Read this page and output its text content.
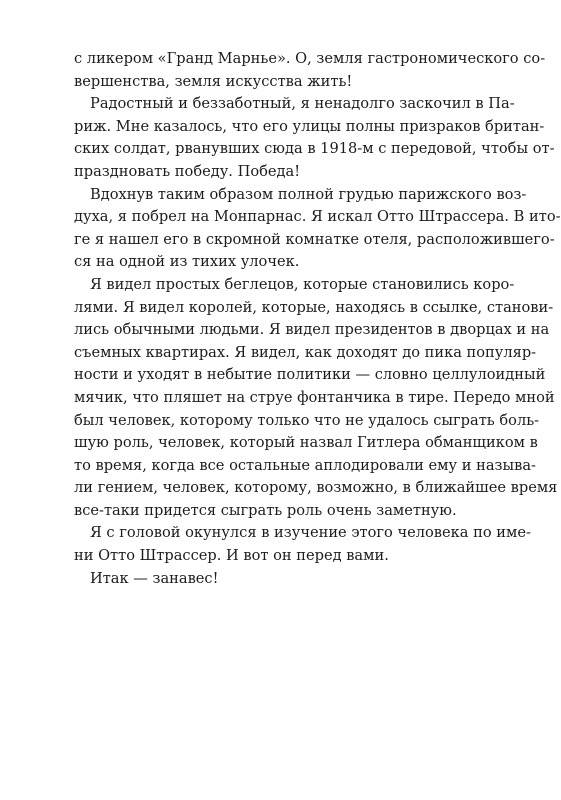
с ликером «Гранд Марнье». О, земля гастрономического со-
вершенства, земля искусства жить!
Радостный и беззаботный, я ненадолго заскочил в Па-
риж. Мне казалось, что его улицы полны призраков британ-
ских солдат, рванувших сюда в 1918-м с передовой, чтобы от-
праздновать победу. Победа!
Вдохнув таким образом полной грудью парижского воз-
духа, я побрел на Монпарнас. Я искал Отто Штрассера. В ито-
ге я нашел его в скромной комнатке отеля, расположившего-
ся на одной из тихих улочек.
Я видел простых беглецов, которые становились коро-
лями. Я видел королей, которые, находясь в ссылке, станови-
лись обычными людьми. Я видел президентов в дворцах и на
съемных квартирах. Я видел, как доходят до пика популяр-
ности и уходят в небытие политики — словно целлулоидный
мячик, что пляшет на струе фонтанчика в тире. Передо мной
был человек, которому только что не удалось сыграть боль-
шую роль, человек, который назвал Гитлера обманщиком в
то время, когда все остальные аплодировали ему и называ-
ли гением, человек, которому, возможно, в ближайшее время
все-таки придется сыграть роль очень заметную.
Я с головой окунулся в изучение этого человека по име-
ни Отто Штрассер. И вот он перед вами.
Итак — занавес!
